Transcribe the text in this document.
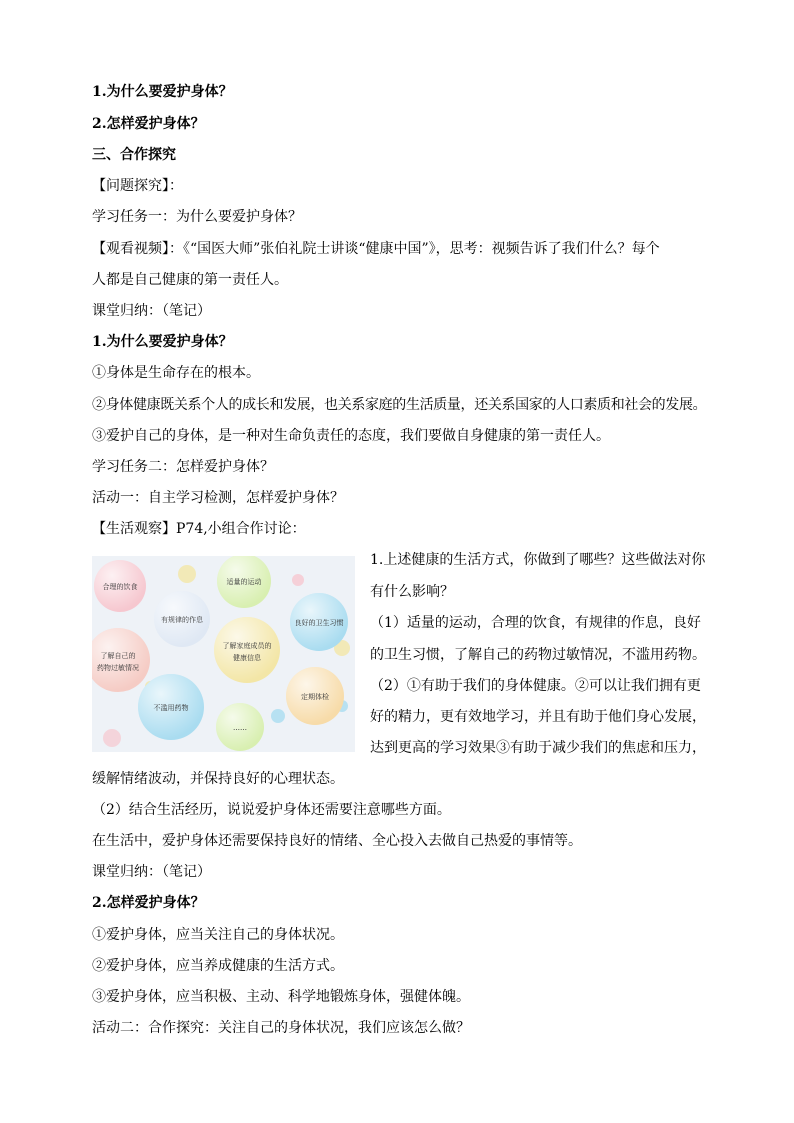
1.为什么要爱护身体？
2.怎样爱护身体？
三、合作探究
【问题探究】：
学习任务一：为什么要爱护身体？
【观看视频】：《“国医大师”张伯礼院士讲谈“健康中国”》，思考：视频告诉了我们什么？每个
人都是自己健康的第一责任人。
课堂归纳：（笔记）
1.为什么要爱护身体？
①身体是生命存在的根本。
②身体健康既关系个人的成长和发展，也关系家庭的生活质量，还关系国家的人口素质和社会的发展。
③爱护自己的身体，是一种对生命负责任的态度，我们要做自身健康的第一责任人。
学习任务二：怎样爱护身体？
活动一：自主学习检测，怎样爱护身体？
【生活观察】P74,小组合作讨论：
合理的饮食
适量的运动
有规律的作息	良好的卫生习惯
了解家庭成员的
健康信息
了解自己的
药物过敏情况
定期体检
不滥用药物
……
1.上述健康的生活方式，你做到了哪些？这些做法对你
有什么影响？
（1）适量的运动，合理的饮食，有规律的作息，良好
的卫生习惯，了解自己的药物过敏情况，不滥用药物。
（2）①有助于我们的身体健康。②可以让我们拥有更
好的精力，更有效地学习，并且有助于他们身心发展，
达到更高的学习效果③有助于减少我们的焦虑和压力，
缓解情绪波动，并保持良好的心理状态。
（2）结合生活经历，说说爱护身体还需要注意哪些方面。
在生活中，爱护身体还需要保持良好的情绪、全心投入去做自己热爱的事情等。
课堂归纳：（笔记）
2.怎样爱护身体？
①爱护身体，应当关注自己的身体状况。
②爱护身体，应当养成健康的生活方式。
③爱护身体，应当积极、主动、科学地锻炼身体，强健体魄。
活动二：合作探究：关注自己的身体状况，我们应该怎么做？
